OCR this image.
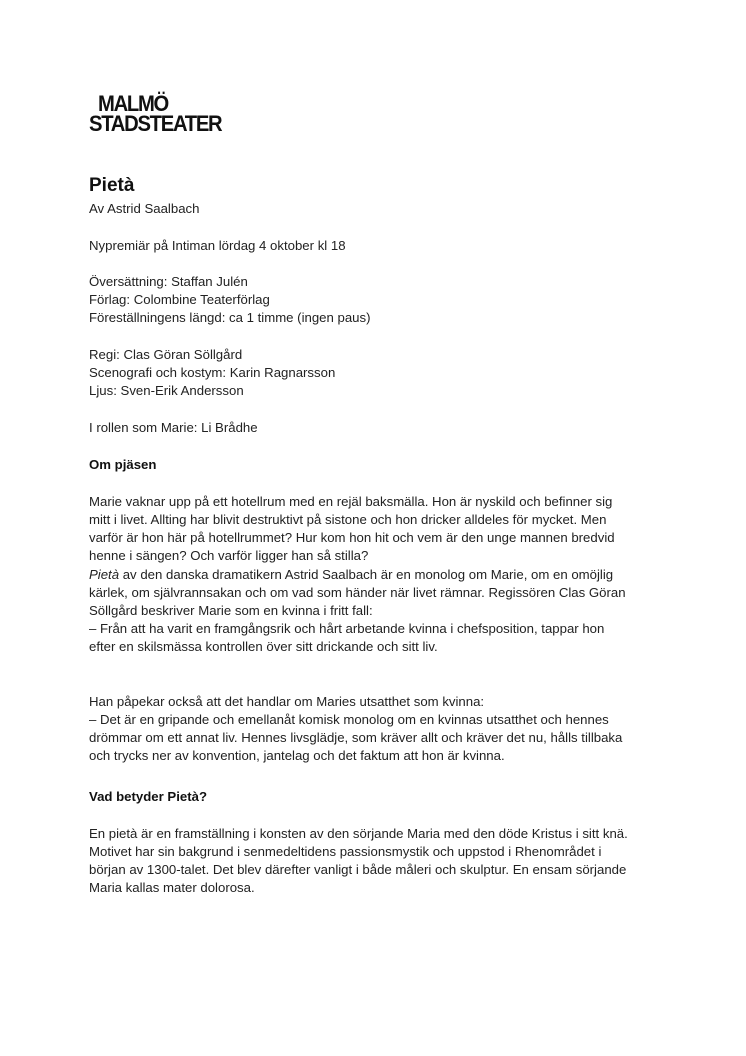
MALMÖ
STADSTEATER
Pietà

Av Astrid Saalbach

Nypremiär på Intiman lördag 4 oktober kl 18

Översättning: Staffan Julén
Förlag: Colombine Teaterförlag
Föreställningens längd: ca 1 timme (ingen paus)
Regi: Clas Göran Söllgård
Scenografi och kostym: Karin Ragnarsson
Ljus: Sven-Erik Andersson

I rollen som Marie: Li Brådhe

Om pjäsen
Marie vaknar upp på ett hotellrum med en rejäl baksmälla. Hon är nyskild och befinner sig
mitt i livet. Allting har blivit destruktivt på sistone och hon dricker alldeles för mycket. Men
varför är hon här på hotellrummet? Hur kom hon hit och vem är den unge mannen bredvid
henne i sängen? Och varför ligger han så stilla?
Pietà av den danska dramatikern Astrid Saalbach är en monolog om Marie, om en omöjlig
kärlek, om självrannsakan och om vad som händer när livet rämnar. Regissören Clas Göran
Söllgård beskriver Marie som en kvinna i fritt fall:
– Från att ha varit en framgångsrik och hårt arbetande kvinna i chefsposition, tappar hon
efter en skilsmässa kontrollen över sitt drickande och sitt liv.
Han påpekar också att det handlar om Maries utsatthet som kvinna:
– Det är en gripande och emellanåt komisk monolog om en kvinnas utsatthet och hennes
drömmar om ett annat liv. Hennes livsglädje, som kräver allt och kräver det nu, hålls tillbaka
och trycks ner av konvention, jantelag och det faktum att hon är kvinna.
Vad betyder Pietà?
En pietà är en framställning i konsten av den sörjande Maria med den döde Kristus i sitt knä.
Motivet har sin bakgrund i senmedeltidens passionsmystik och uppstod i Rhenområdet i
början av 1300-talet. Det blev därefter vanligt i både måleri och skulptur. En ensam sörjande
Maria kallas mater dolorosa.
